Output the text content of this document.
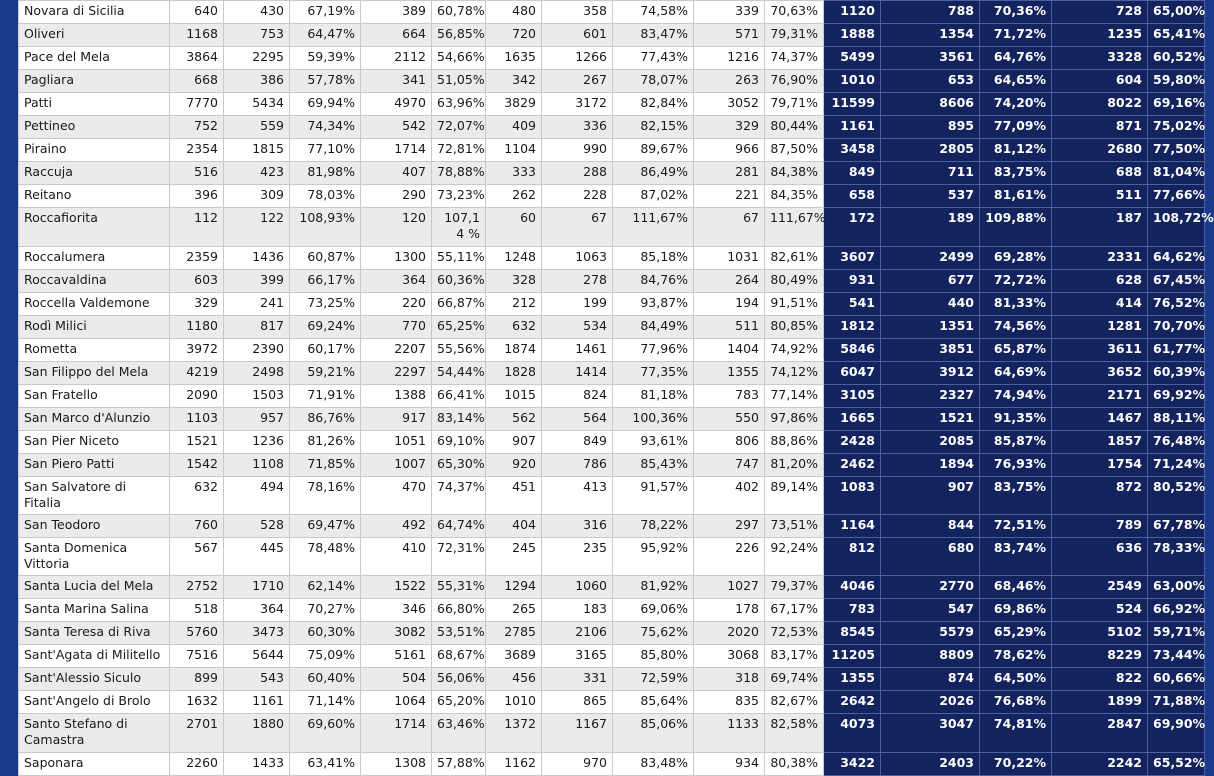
Novara di Sicilia	640	430	67,19%	389	60,78%	480	358	74,58%	339	70,63%	1120	788	70,36%	728	65,00%
Oliveri	1168	753	64,47%	664	56,85%	720	601	83,47%	571	79,31%	1888	1354	71,72%	1235	65,41%
Pace del Mela	3864	2295	59,39%	2112	54,66%	1635	1266	77,43%	1216	74,37%	5499	3561	64,76%	3328	60,52%
Pagliara	668	386	57,78%	341	51,05%	342	267	78,07%	263	76,90%	1010	653	64,65%	604	59,80%
Patti	7770	5434	69,94%	4970	63,96%	3829	3172	82,84%	3052	79,71%	11599	8606	74,20%	8022	69,16%
Pettineo	752	559	74,34%	542	72,07%	409	336	82,15%	329	80,44%	1161	895	77,09%	871	75,02%
Piraino	2354	1815	77,10%	1714	72,81%	1104	990	89,67%	966	87,50%	3458	2805	81,12%	2680	77,50%
Raccuja	516	423	81,98%	407	78,88%	333	288	86,49%	281	84,38%	849	711	83,75%	688	81,04%
Reitano	396	309	78,03%	290	73,23%	262	228	87,02%	221	84,35%	658	537	81,61%	511	77,66%
Roccafiorita	112	122	108,93%	120	107,14 %	60	67	111,67%	67	111,67%	172	189	109,88%	187	108,72%
Roccalumera	2359	1436	60,87%	1300	55,11%	1248	1063	85,18%	1031	82,61%	3607	2499	69,28%	2331	64,62%
Roccavaldina	603	399	66,17%	364	60,36%	328	278	84,76%	264	80,49%	931	677	72,72%	628	67,45%
Roccella Valdemone	329	241	73,25%	220	66,87%	212	199	93,87%	194	91,51%	541	440	81,33%	414	76,52%
Rodì Milici	1180	817	69,24%	770	65,25%	632	534	84,49%	511	80,85%	1812	1351	74,56%	1281	70,70%
Rometta	3972	2390	60,17%	2207	55,56%	1874	1461	77,96%	1404	74,92%	5846	3851	65,87%	3611	61,77%
San Filippo del Mela	4219	2498	59,21%	2297	54,44%	1828	1414	77,35%	1355	74,12%	6047	3912	64,69%	3652	60,39%
San Fratello	2090	1503	71,91%	1388	66,41%	1015	824	81,18%	783	77,14%	3105	2327	74,94%	2171	69,92%
San Marco d'Alunzio	1103	957	86,76%	917	83,14%	562	564	100,36%	550	97,86%	1665	1521	91,35%	1467	88,11%
San Pier Niceto	1521	1236	81,26%	1051	69,10%	907	849	93,61%	806	88,86%	2428	2085	85,87%	1857	76,48%
San Piero Patti	1542	1108	71,85%	1007	65,30%	920	786	85,43%	747	81,20%	2462	1894	76,93%	1754	71,24%
San Salvatore di Fitalia	632	494	78,16%	470	74,37%	451	413	91,57%	402	89,14%	1083	907	83,75%	872	80,52%
San Teodoro	760	528	69,47%	492	64,74%	404	316	78,22%	297	73,51%	1164	844	72,51%	789	67,78%
Santa Domenica Vittoria	567	445	78,48%	410	72,31%	245	235	95,92%	226	92,24%	812	680	83,74%	636	78,33%
Santa Lucia del Mela	2752	1710	62,14%	1522	55,31%	1294	1060	81,92%	1027	79,37%	4046	2770	68,46%	2549	63,00%
Santa Marina Salina	518	364	70,27%	346	66,80%	265	183	69,06%	178	67,17%	783	547	69,86%	524	66,92%
Santa Teresa di Riva	5760	3473	60,30%	3082	53,51%	2785	2106	75,62%	2020	72,53%	8545	5579	65,29%	5102	59,71%
Sant'Agata di Militello	7516	5644	75,09%	5161	68,67%	3689	3165	85,80%	3068	83,17%	11205	8809	78,62%	8229	73,44%
Sant'Alessio Siculo	899	543	60,40%	504	56,06%	456	331	72,59%	318	69,74%	1355	874	64,50%	822	60,66%
Sant'Angelo di Brolo	1632	1161	71,14%	1064	65,20%	1010	865	85,64%	835	82,67%	2642	2026	76,68%	1899	71,88%
Santo Stefano di Camastra	2701	1880	69,60%	1714	63,46%	1372	1167	85,06%	1133	82,58%	4073	3047	74,81%	2847	69,90%
Saponara	2260	1433	63,41%	1308	57,88%	1162	970	83,48%	934	80,38%	3422	2403	70,22%	2242	65,52%
